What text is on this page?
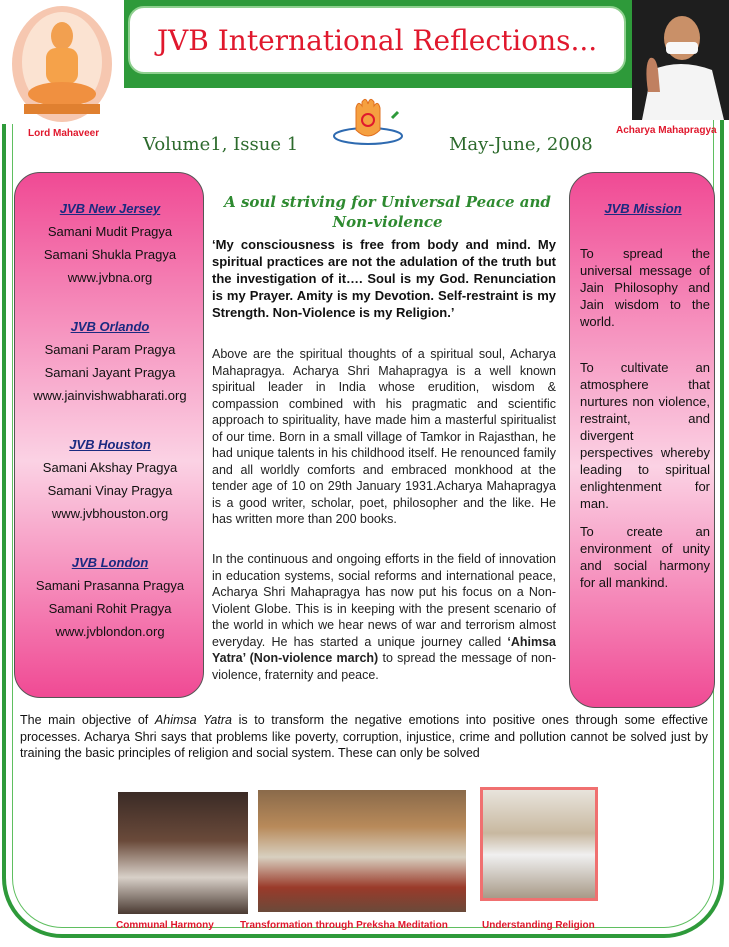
JVB International Reflections...
Lord Mahaveer	Acharya Mahapragya
Volume1, Issue 1	May-June, 2008
JVB New Jersey
Samani Mudit Pragya
Samani Shukla Pragya
www.jvbna.org
JVB Orlando
Samani Param Pragya
Samani Jayant Pragya
www.jainvishwabharati.org
JVB Houston
Samani Akshay Pragya
Samani Vinay Pragya
www.jvbhouston.org
JVB London
Samani Prasanna Pragya
Samani Rohit Pragya
www.jvblondon.org
JVB Mission
To spread the universal message of Jain Philosophy and Jain wisdom to the world.
To cultivate an atmosphere that nurtures non violence, restraint, and divergent perspectives whereby leading to spiritual enlightenment for man.
To create an environment of unity and social harmony for all mankind.
A soul striving for Universal Peace and Non-violence
‘My consciousness is free from body and mind. My spiritual practices are not the adulation of the truth but the investigation of it…. Soul is my God. Renunciation is my Prayer. Amity is my Devotion. Self-restraint is my Strength. Non-Violence is my Religion.’
Above are the spiritual thoughts of a spiritual soul, Acharya Mahapragya. Acharya Shri Mahapragya is a well known spiritual leader in India whose erudition, wisdom & compassion combined with his pragmatic and scientific approach to spirituality, have made him a masterful spiritualist of our time. Born in a small village of Tamkor in Rajasthan, he had unique talents in his childhood itself. He renounced family and all worldly comforts and embraced monkhood at the tender age of 10 on 29th January 1931.Acharya Mahapragya is a good writer, scholar, poet, philosopher and the like. He has written more than 200 books.
In the continuous and ongoing efforts in the field of innovation in education systems, social reforms and international peace, Acharya Shri Mahapragya has now put his focus on a Non-Violent Globe. This is in keeping with the present scenario of the world in which we hear news of war and terrorism almost everyday. He has started a unique journey called ‘Ahimsa Yatra’ (Non-violence march) to spread the message of non-violence, fraternity and peace.
The main objective of Ahimsa Yatra is to transform the negative emotions into positive ones through some effective processes. Acharya Shri says that problems like poverty, corruption, injustice, crime and pollution cannot be solved just by training the basic principles of religion and social system. These can only be solved
Communal Harmony	Transformation through Preksha Meditation	Understanding Religion
